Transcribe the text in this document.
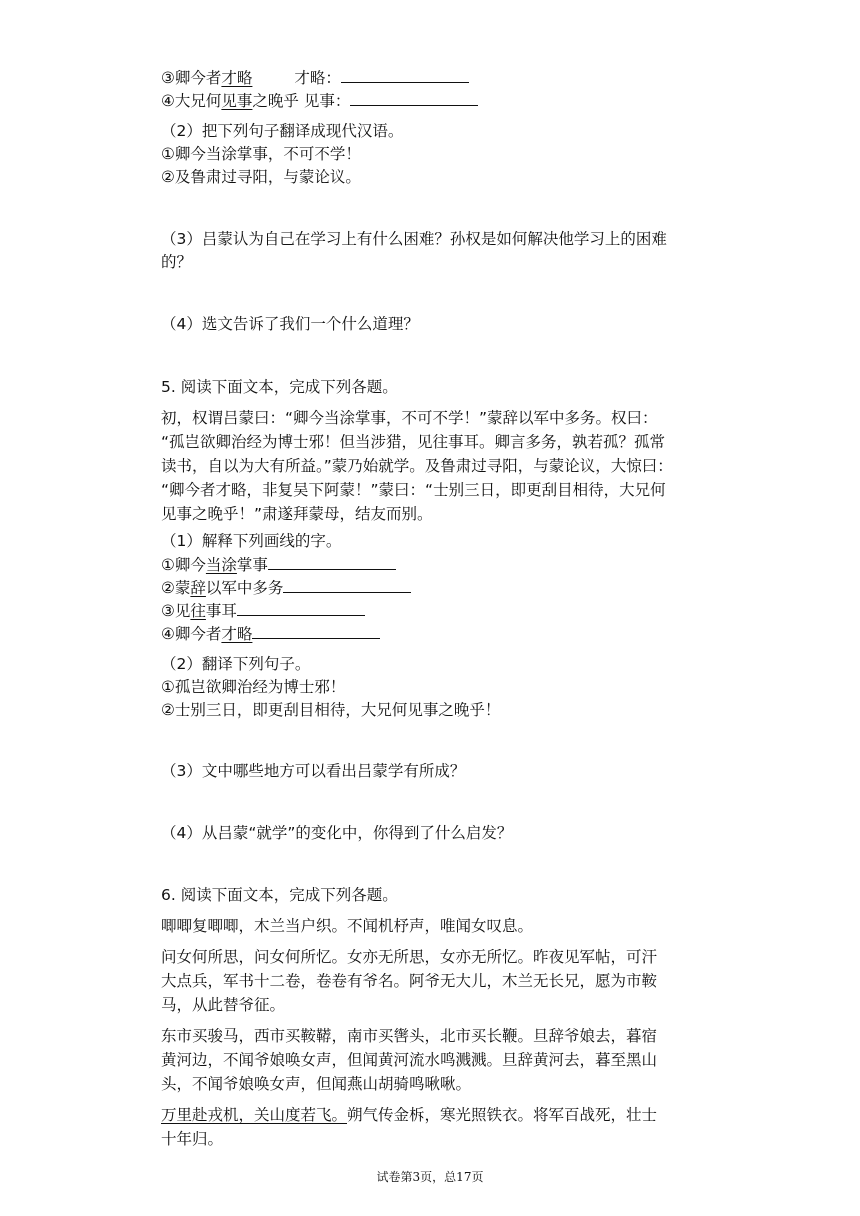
③卿今者才略	才略：
④大兄何见事之晚乎 见事：
（2）把下列句子翻译成现代汉语。
①卿今当涂掌事，不可不学！
②及鲁肃过寻阳，与蒙论议。
（3）吕蒙认为自己在学习上有什么困难？孙权是如何解决他学习上的困难
的？
（4）选文告诉了我们一个什么道理？
5. 阅读下面文本，完成下列各题。
初，权谓吕蒙曰：“卿今当涂掌事，不可不学！”蒙辞以军中多务。权曰：
“孤岂欲卿治经为博士邪！但当涉猎，见往事耳。卿言多务，孰若孤？孤常
读书，自以为大有所益。”蒙乃始就学。及鲁肃过寻阳，与蒙论议，大惊曰：
“卿今者才略，非复吴下阿蒙！”蒙曰：“士别三日，即更刮目相待，大兄何
见事之晚乎！”肃遂拜蒙母，结友而别。
（1）解释下列画线的字。
①卿今当涂掌事
②蒙辞以军中多务
③见往事耳
④卿今者才略
（2）翻译下列句子。
①孤岂欲卿治经为博士邪！
②士别三日，即更刮目相待，大兄何见事之晚乎！
（3）文中哪些地方可以看出吕蒙学有所成？
（4）从吕蒙“就学”的变化中，你得到了什么启发？
6. 阅读下面文本，完成下列各题。
唧唧复唧唧，木兰当户织。不闻机杼声，唯闻女叹息。
问女何所思，问女何所忆。女亦无所思，女亦无所忆。昨夜见军帖，可汗
大点兵，军书十二卷，卷卷有爷名。阿爷无大儿，木兰无长兄，愿为市鞍
马，从此替爷征。
东市买骏马，西市买鞍鞯，南市买辔头，北市买长鞭。旦辞爷娘去，暮宿
黄河边，不闻爷娘唤女声，但闻黄河流水鸣溅溅。旦辞黄河去，暮至黑山
头，不闻爷娘唤女声，但闻燕山胡骑鸣啾啾。
万里赴戎机，关山度若飞。朔气传金柝，寒光照铁衣。将军百战死，壮士
十年归。
试卷第3页，总17页
